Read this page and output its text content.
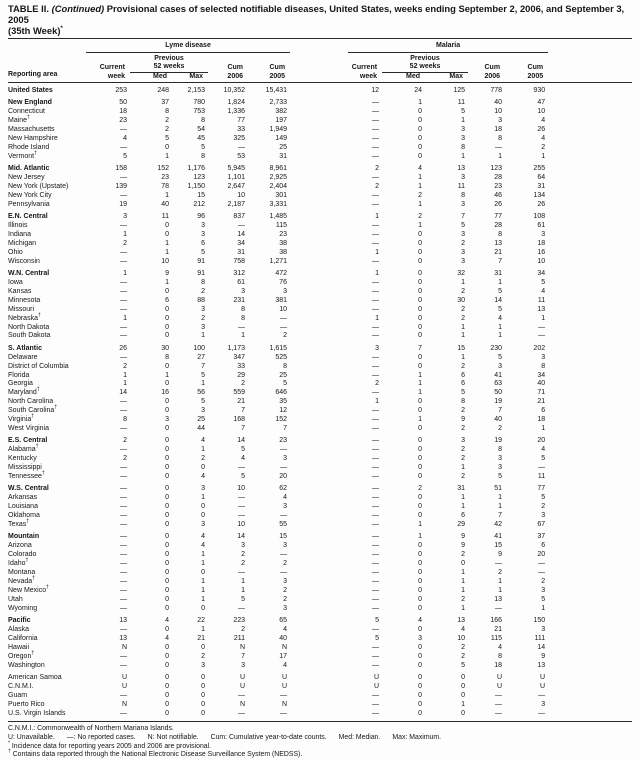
TABLE II. (Continued) Provisional cases of selected notifiable diseases, United States, weeks ending September 2, 2006, and September 3, 2005
(35th Week)*
Reporting area	Lyme disease						Malaria					
		Previous						Previous				
	Current	52 weeks		Cum	Cum		Current	52 weeks		Cum	Cum	
	week	Med	Max	2006	2005		week	Med	Max	2006	2005	
United States	253	248	2,153	10,352	15,431		12	24	125	778	930	
New England	50	37	780	1,824	2,733		—	1	11	40	47	
Connecticut	18	8	753	1,336	382		—	0	5	10	10	
Maine†	23	2	8	77	197		—	0	1	3	4	
Massachusetts	—	2	54	33	1,949		—	0	3	18	26	
New Hampshire	4	5	45	325	149		—	0	3	8	4	
Rhode Island	—	0	5	—	25		—	0	8	—	2	
Vermont†	5	1	8	53	31		—	0	1	1	1	
Mid. Atlantic	158	152	1,176	5,945	8,961		2	4	13	123	255	
New Jersey	—	23	123	1,101	2,925		—	1	3	28	64	
New York (Upstate)	139	78	1,150	2,647	2,404		2	1	11	23	31	
New York City	—	1	15	10	301		—	2	8	46	134	
Pennsylvania	19	40	212	2,187	3,331		—	1	3	26	26	
E.N. Central	3	11	96	837	1,485		1	2	7	77	108	
Illinois	—	0	3	—	115		—	1	5	28	61	
Indiana	1	0	3	14	23		—	0	3	8	3	
Michigan	2	1	6	34	38		—	0	2	13	18	
Ohio	—	1	5	31	38		1	0	3	21	16	
Wisconsin	—	10	91	758	1,271		—	0	3	7	10	
W.N. Central	1	9	91	312	472		1	0	32	31	34	
Iowa	—	1	8	61	76		—	0	1	1	5	
Kansas	—	0	2	3	3		—	0	2	5	4	
Minnesota	—	6	88	231	381		—	0	30	14	11	
Missouri	—	0	3	8	10		—	0	2	5	13	
Nebraska†	1	0	2	8	—		1	0	2	4	1	
North Dakota	—	0	3	—	—		—	0	1	1	—	
South Dakota	—	0	1	1	2		—	0	1	1	—	
S. Atlantic	26	30	100	1,173	1,615		3	7	15	230	202	
Delaware	—	8	27	347	525		—	0	1	5	3	
District of Columbia	2	0	7	33	8		—	0	2	3	8	
Florida	1	1	5	29	25		—	1	6	41	34	
Georgia	1	0	1	2	5		2	1	6	63	40	
Maryland†	14	16	56	559	646		—	1	5	50	71	
North Carolina	—	0	5	21	35		1	0	8	19	21	
South Carolina†	—	0	3	7	12		—	0	2	7	6	
Virginia†	8	3	25	168	152		—	1	9	40	18	
West Virginia	—	0	44	7	7		—	0	2	2	1	
E.S. Central	2	0	4	14	23		—	0	3	19	20	
Alabama†	—	0	1	5	—		—	0	2	8	4	
Kentucky	2	0	2	4	3		—	0	2	3	5	
Mississippi	—	0	0	—	—		—	0	1	3	—	
Tennessee†	—	0	4	5	20		—	0	2	5	11	
W.S. Central	—	0	3	10	62		—	2	31	51	77	
Arkansas	—	0	1	—	4		—	0	1	1	5	
Louisiana	—	0	0	—	3		—	0	1	1	2	
Oklahoma	—	0	0	—	—		—	0	6	7	3	
Texas†	—	0	3	10	55		—	1	29	42	67	
Mountain	—	0	4	14	15		—	1	9	41	37	
Arizona	—	0	4	3	3		—	0	9	15	6	
Colorado	—	0	1	2	—		—	0	2	9	20	
Idaho†	—	0	1	2	2		—	0	0	—	—	
Montana	—	0	0	—	—		—	0	1	2	—	
Nevada†	—	0	1	1	3		—	0	1	1	2	
New Mexico†	—	0	1	1	2		—	0	1	1	3	
Utah	—	0	1	5	2		—	0	2	13	5	
Wyoming	—	0	0	—	3		—	0	1	—	1	
Pacific	13	4	22	223	65		5	4	13	166	150	
Alaska	—	0	1	2	4		—	0	4	21	3	
California	13	4	21	211	40		5	3	10	115	111	
Hawaii	N	0	0	N	N		—	0	2	4	14	
Oregon†	—	0	2	7	17		—	0	2	8	9	
Washington	—	0	3	3	4		—	0	5	18	13	
American Samoa	U	0	0	U	U		U	0	0	U	U	
C.N.M.I.	U	0	0	U	U		U	0	0	U	U	
Guam	—	0	0	—	—		—	0	0	—	—	
Puerto Rico	N	0	0	N	N		—	0	1	—	3	
U.S. Virgin Islands	—	0	0	—	—		—	0	0	—	—	
C.N.M.I.: Commonwealth of Northern Mariana Islands.
U: Unavailable. —: No reported cases. N: Not notifiable. Cum: Cumulative year-to-date counts. Med: Median. Max: Maximum.
* Incidence data for reporting years 2005 and 2006 are provisional.
† Contains data reported through the National Electronic Disease Surveillance System (NEDSS).
